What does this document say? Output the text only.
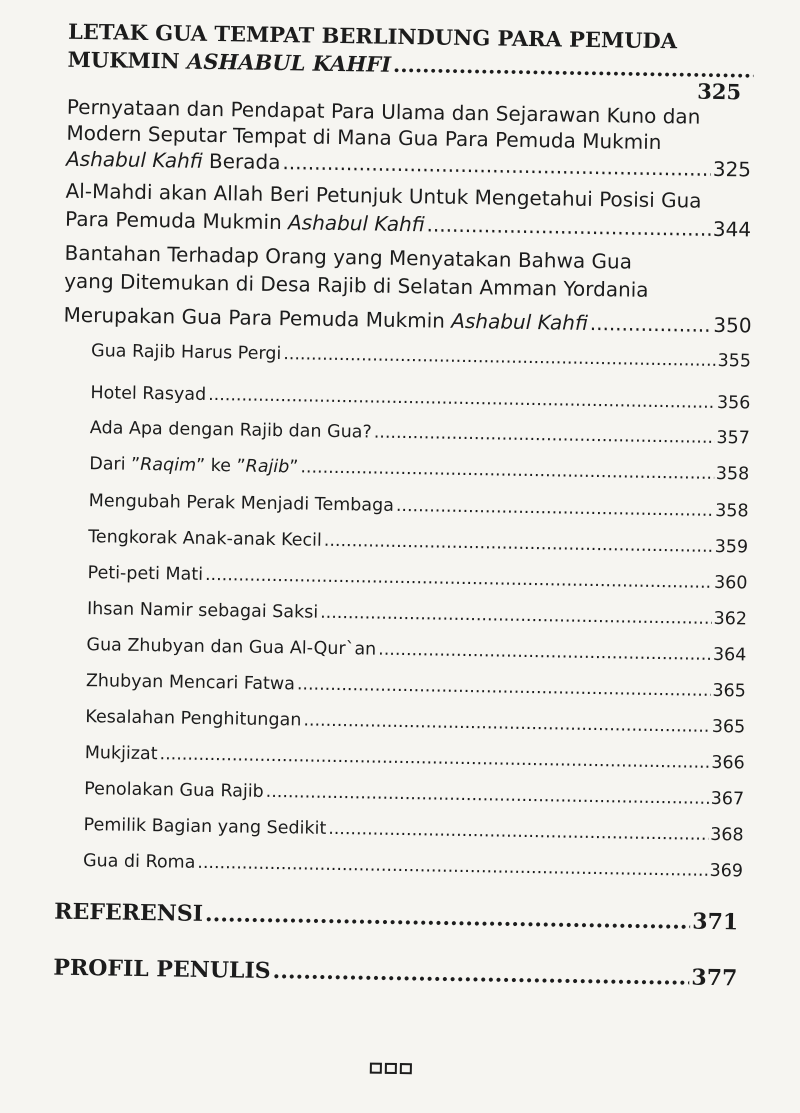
LETAK GUA TEMPAT BERLINDUNG PARA PEMUDA
MUKMIN ASHABUL KAHFI
.....
325
Pernyataan dan Pendapat Para Ulama dan Sejarawan Kuno dan
Modern Seputar Tempat di Mana Gua Para Pemuda Mukmin
Ashabul Kahfi Berada .....	325
Al-Mahdi akan Allah Beri Petunjuk Untuk Mengetahui Posisi Gua
Para Pemuda Mukmin Ashabul Kahfi .....	344
Bantahan Terhadap Orang yang Menyatakan Bahwa Gua
yang Ditemukan di Desa Rajib di Selatan Amman Yordania
Merupakan Gua Para Pemuda Mukmin Ashabul Kahfi .....	350
Gua Rajib Harus Pergi .....	355
Hotel Rasyad .....	356
Ada Apa dengan Rajib dan Gua? .....	357
Dari ”Raqim” ke ”Rajib” .....	358
Mengubah Perak Menjadi Tembaga .....	358
Tengkorak Anak-anak Kecil .....	359
Peti-peti Mati .....	360
Ihsan Namir sebagai Saksi .....	362
Gua Zhubyan dan Gua Al-Qur`an .....	364
Zhubyan Mencari Fatwa .....	365
Kesalahan Penghitungan .....	365
Mukjizat .....	366
Penolakan Gua Rajib .....	367
Pemilik Bagian yang Sedikit .....	368
Gua di Roma .....	369
REFERENSI .....	371
PROFIL PENULIS .....	377
